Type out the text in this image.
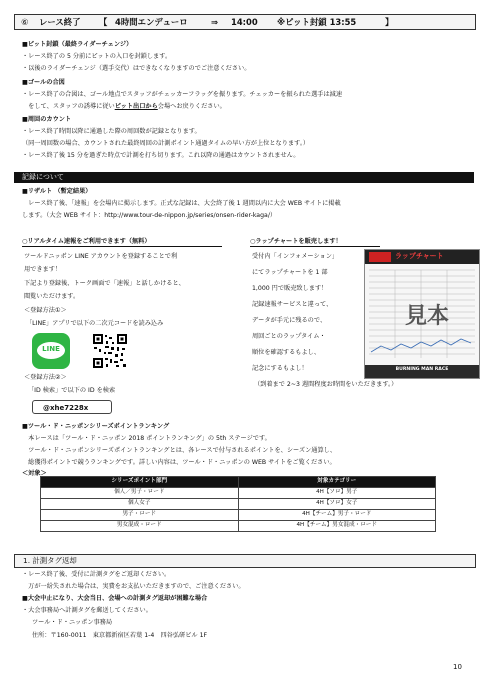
⑥ レース終了 【 4時間エンデューロ	⇒ 14:00 ※ピット封鎖 13:55	】
■ピット封鎖（最終ライダーチェンジ）
・レース終了の 5 分前にピットの入口を封鎖します。
・以後のライダーチェンジ（選手交代）はできなくなりますのでご注意ください。
■ゴールの合図
・レース終了の合図は、ゴール地点でスタッフがチェッカーフラッグを振ります。チェッカーを振られた選手は減速
　をして、スタッフの誘導に従いピット出口から会場へお戻りください。
■周回のカウント
・レース終了時間以降に通過した際の周回数が記録となります。
（同一周回数の場合、カウントされた最終周回の計測ポイント通過タイムの早い方が上位となります。）
・レース終了後 15 分を過ぎた時点で計測を打ち切ります。これ以降の通過はカウントされません。
記録について
■リザルト （暫定結果）
　レース終了後、「速報」を会場内に掲示します。正式な記録は、大会終了後 1 週間以内に大会 WEB サイトに掲載
します。（大会 WEB サイト：http://www.tour-de-nippon.jp/series/onsen-rider-kaga/）
○リアルタイム速報をご利用できます（無料）
ツールドニッポン LINE アカウントを登録することで利
用できます！
下記より登録後、トーク画面で「速報」と話しかけると、
閲覧いただけます。
＜登録方法①＞
「LINE」アプリで以下の二次元コードを読み込み
LINE
＜登録方法②＞
「ID 検索」で以下の ID を検索
@xhe7228x
○ラップチャートを販売します！
受付内「インフォメーション」
にてラップチャートを 1 部
1,000 円で販売致します！
記録速報サービスと違って、
データが手元に残るので、
周回ごとのラップタイム・
順位を確認するもよし、
記念にするもよし！
（到着まで 2~3 週間程度お時間をいただきます。）
ラップチャート
見本
BURNING MAN RACE
■ツール・ド・ニッポンシリーズポイントランキング
　本レースは「ツール・ド・ニッポン 2018 ポイントランキング」の 5th ステージです。
　ツール・ド・ニッポンシリーズポイントランキングとは、各レースで付与されるポイントを、シーズン通算し、
　総獲得ポイントで競うランキングです。詳しい内容は、ツール・ド・ニッポンの WEB サイトをご覧ください。
＜対象＞
シリーズポイント部門	対象カテゴリー
個人／男子・ロード	4H【ソロ】男子
個人女子	4H【ソロ】女子
男子・ロード	4H【チーム】男子・ロード
男女混成・ロード	4H【チーム】男女混成・ロード
1. 計測タグ返却
・レース終了後、受付に計測タグをご返却ください。
　万が一紛失された場合は、実費をお支払いただきますので、ご注意ください。
■大会中止になり、大会当日、会場への計測タグ返却が困難な場合
・大会事務局へ計測タグを郵送してください。
ツール・ド・ニッポン事務局
住所：〒160-0011　東京都新宿区若葉 1-4　四谷弘研ビル 1F
10
